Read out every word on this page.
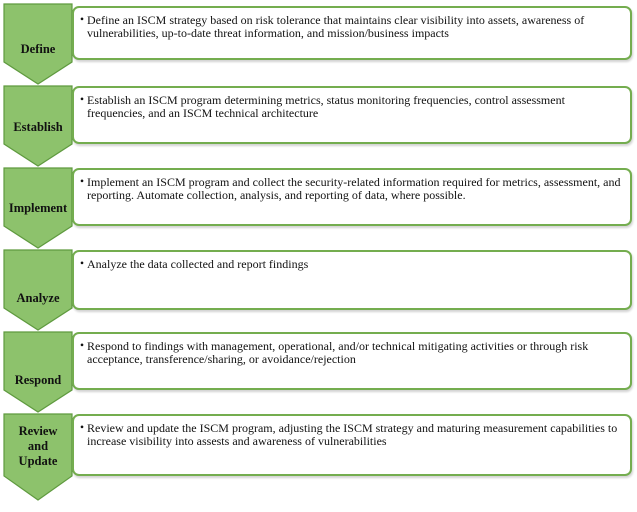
Define
Establish
Implement
Analyze
Respond
Review
and
Update
• Define an ISCM strategy based on risk tolerance that maintains clear visibility into assets, awareness of vulnerabilities, up-to-date threat information, and mission/business impacts
• Establish an ISCM program determining metrics, status monitoring frequencies, control assessment frequencies, and an ISCM technical architecture
• Implement an ISCM program and collect the security-related information required for metrics, assessment, and reporting. Automate collection, analysis, and reporting of data, where possible.
• Analyze the data collected and report findings
• Respond to findings with management, operational, and/or technical mitigating activities or through risk acceptance, transference/sharing, or avoidance/rejection
• Review and update the ISCM program, adjusting the ISCM strategy and maturing measurement capabilities to increase visibility into assests and awareness of vulnerabilities
